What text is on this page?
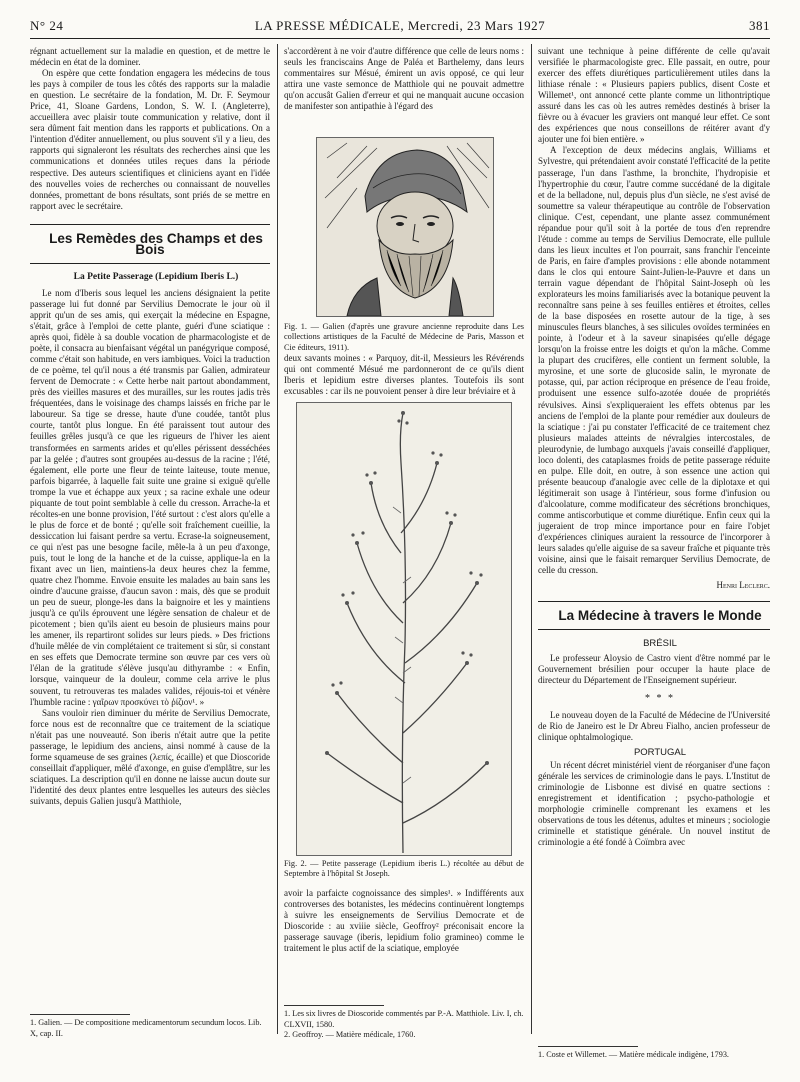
N° 24	LA PRESSE MÉDICALE, Mercredi, 23 Mars 1927	381

régnant actuellement sur la maladie en question, et de mettre le médecin en état de la dominer.

On espère que cette fondation engagera les médecins de tous les pays à compiler de tous les côtés des rapports sur la maladie en question. Le secrétaire de la fondation, M. Dr. F. Seymour Price, 41, Sloane Gardens, London, S. W. I. (Angleterre), accueillera avec plaisir toute communication y relative, dont il sera dûment fait mention dans les rapports et publications. On a l'intention d'éditer annuellement, ou plus souvent s'il y a lieu, des rapports qui signaleront les résultats des recherches ainsi que les communications et données utiles reçues dans la période respective. Des auteurs scientifiques et cliniciens ayant en l'idée des nouvelles voies de recherches ou connaissant de nouvelles données, promettant de bons résultats, sont priés de se mettre en rapport avec le secrétaire.

Les Remèdes des Champs et des Bois

La Petite Passerage (Lepidium Iberis L.)

Le nom d'Iberis sous lequel les anciens désignaient la petite passerage lui fut donné par Servilius Democrate le jour où il apprit qu'un de ses amis, qui exerçait la médecine en Espagne, s'était, grâce à l'emploi de cette plante, guéri d'une sciatique : après quoi, fidèle à sa double vocation de pharmacologiste et de poète, il consacra au bienfaisant végétal un panégyrique composé, comme c'était son habitude, en vers iambiques. Voici la traduction de ce poème, tel qu'il nous a été transmis par Galien, admirateur fervent de Democrate : « Cette herbe nait partout abondamment, près des vieilles masures et des murailles, sur les routes jadis très fréquentées, dans le voisinage des champs laissés en friche par le laboureur. Sa tige se dresse, haute d'une coudée, tantôt plus courte, tantôt plus longue. En été paraissent tout autour des feuilles grêles jusqu'à ce que les rigueurs de l'hiver les aient transformées en sarments arides et qu'elles périssent desséchées par la gelée ; d'autres sont groupées au-dessus de la racine ; l'été, également, elle porte une fleur de teinte laiteuse, toute menue, parfois bigarrée, à laquelle fait suite une graine si exiguë qu'elle trompe la vue et échappe aux yeux ; sa racine exhale une odeur piquante de tout point semblable à celle du cresson. Arrache-la et récoltes-en une bonne provision, l'été surtout : c'est alors qu'elle a le plus de force et de bonté ; qu'elle soit fraîchement cueillie, la dessiccation lui faisant perdre sa vertu. Ecrase-la soigneusement, ce qui n'est pas une besogne facile, mêle-la à un peu d'axonge, puis, tout le long de la hanche et de la cuisse, applique-la en la fixant avec un lien, maintiens-la deux heures chez la femme, quatre chez l'homme. Envoie ensuite les malades au bain sans les oindre d'aucune graisse, d'aucun savon : mais, dès que se produit un peu de sueur, plonge-les dans la baignoire et les y maintiens jusqu'à ce qu'ils éprouvent une légère sensation de chaleur et de picotement ; bien qu'ils aient eu besoin de plusieurs mains pour les amener, ils repartiront solides sur leurs pieds. » Des frictions d'huile mêlée de vin complétaient ce traitement si sûr, si constant en ses effets que Democrate termine son œuvre par ces vers où l'élan de la gratitude s'élève jusqu'au dithyrambe : « Enfin, lorsque, vainqueur de la douleur, comme cela arrive le plus souvent, tu retrouveras tes malades valides, réjouis-toi et vénère l'humble racine : γαῖρων προσκύνει τὸ ῥίζιον¹. »

Sans vouloir rien diminuer du mérite de Servilius Democrate, force nous est de reconnaître que ce traitement de la sciatique n'était pas une nouveauté. Son iberis n'était autre que la petite passerage, le lepidium des anciens, ainsi nommé à cause de la forme squameuse de ses graines (λεπίς, écaille) et que Dioscoride conseillait d'appliquer, mêlé d'axonge, en guise d'emplâtre, sur les sciatiques. La description qu'il en donne ne laisse aucun doute sur l'identité des deux plantes entre lesquelles les auteurs des siècles suivants, depuis Galien jusqu'à Matthiole,

1. Galien. — De compositione medicamentorum secundum locos. Lib. X, cap. II.

s'accordèrent à ne voir d'autre différence que celle de leurs noms : seuls les franciscains Ange de Paléa et Barthelemy, dans leurs commentaires sur Mésué, émirent un avis opposé, ce qui leur attira une vaste semonce de Matthiole qui ne pouvait admettre qu'on accusât Galien d'erreur et qui ne manquait aucune occasion de manifester son antipathie à l'égard des

Fig. 1. — Galien (d'après une gravure ancienne reproduite dans Les collections artistiques de la Faculté de Médecine de Paris, Masson et Cie éditeurs, 1911).

deux savants moines : « Parquoy, dit-il, Messieurs les Révérends qui ont commenté Mésué me pardonneront de ce qu'ils dient Iberis et lepidium estre diverses plantes. Toutefois ils sont excusables : car ils ne pouvoient penser à dire leur bréviaire et à

Fig. 2. — Petite passerage (Lepidium iberis L.) récoltée au début de Septembre à l'hôpital St Joseph.

avoir la parfaicte cognoissance des simples¹. » Indifférents aux controverses des botanistes, les médecins continuèrent longtemps à suivre les enseignements de Servilius Democrate et de Dioscoride : au xviiie siècle, Geoffroy² préconisait encore la passerage sauvage (iberis, lepidium folio gramineo) comme le traitement le plus actif de la sciatique, employée

1. Les six livres de Dioscoride commentés par P.-A. Matthiole. Liv. I, ch. CLXVII, 1580.
2. Geoffroy. — Matière médicale, 1760.

suivant une technique à peine différente de celle qu'avait versifiée le pharmacologiste grec. Elle passait, en outre, pour exercer des effets diurétiques particulièrement utiles dans la lithiase rénale : « Plusieurs papiers publics, disent Coste et Willemet¹, ont annoncé cette plante comme un lithontriptique assuré dans les cas où les autres remèdes destinés à briser la fièvre ou à évacuer les graviers ont manqué leur effet. Ce sont des expériences que nous conseillons de réitérer avant d'y ajouter une foi bien entière. »

A l'exception de deux médecins anglais, Williams et Sylvestre, qui prétendaient avoir constaté l'efficacité de la petite passerage, l'un dans l'asthme, la bronchite, l'hydropisie et l'hypertrophie du cœur, l'autre comme succédané de la digitale et de la belladone, nul, depuis plus d'un siècle, ne s'est avisé de soumettre sa valeur thérapeutique au contrôle de l'observation clinique. C'est, cependant, une plante assez communément répandue pour qu'il soit à la portée de tous d'en reprendre l'étude : comme au temps de Servilius Democrate, elle pullule dans les lieux incultes et l'on pourrait, sans franchir l'enceinte de Paris, en faire d'amples provisions : elle abonde notamment dans le clos qui entoure Saint-Julien-le-Pauvre et dans un terrain vague dépendant de l'hôpital Saint-Joseph où les explorateurs les moins familiarisés avec la botanique peuvent la reconnaître sans peine à ses feuilles entières et étroites, celles de la base disposées en rosette autour de la tige, à ses minuscules fleurs blanches, à ses silicules ovoïdes terminées en pointe, à l'odeur et à la saveur sinapisées qu'elle dégage lorsqu'on la froisse entre les doigts et qu'on la mâche. Comme la plupart des crucifères, elle contient un ferment soluble, la myrosine, et une sorte de glucoside salin, le myronate de potasse, qui, par action réciproque en présence de l'eau froide, produisent une essence sulfo-azotée douée de propriétés révulsives. Ainsi s'expliqueraient les effets obtenus par les anciens de l'emploi de la plante pour remédier aux douleurs de la sciatique : j'ai pu constater l'efficacité de ce traitement chez plusieurs malades atteints de névralgies intercostales, de pleurodynie, de lumbago auxquels j'avais conseillé d'appliquer, loco dolenti, des cataplasmes froids de petite passerage réduite en pulpe. Elle doit, en outre, à son essence une action qui présente beaucoup d'analogie avec celle de la diplotaxe et qui légitimerait son usage à l'intérieur, sous forme d'infusion ou d'alcoolature, comme modificateur des sécrétions bronchiques, comme antiscorbutique et comme diurétique. Enfin ceux qui la jugeraient de trop mince importance pour en faire l'objet d'expériences cliniques auraient la ressource de l'incorporer à leurs salades qu'elle aiguise de sa saveur fraîche et piquante très voisine, ainsi que le faisait remarquer Servilius Democrate, de celle du cresson.

Henri Leclerc.

La Médecine à travers le Monde

BRÉSIL

Le professeur Aloysio de Castro vient d'être nommé par le Gouvernement brésilien pour occuper la haute place de directeur du Département de l'Enseignement supérieur.

* * *

Le nouveau doyen de la Faculté de Médecine de l'Université de Rio de Janeiro est le Dr Abreu Fialho, ancien professeur de clinique ophtalmologique.

PORTUGAL

Un récent décret ministériel vient de réorganiser d'une façon générale les services de criminologie dans le pays. L'Institut de criminologie de Lisbonne est divisé en quatre sections : enregistrement et identification ; psycho-pathologie et morphologie criminelle comprenant les examens et les observations de tous les détenus, adultes et mineurs ; sociologie criminelle et statistique générale. Un nouvel institut de criminologie a été fondé à Coïmbra avec

1. Coste et Willemet. — Matière médicale indigène, 1793.
